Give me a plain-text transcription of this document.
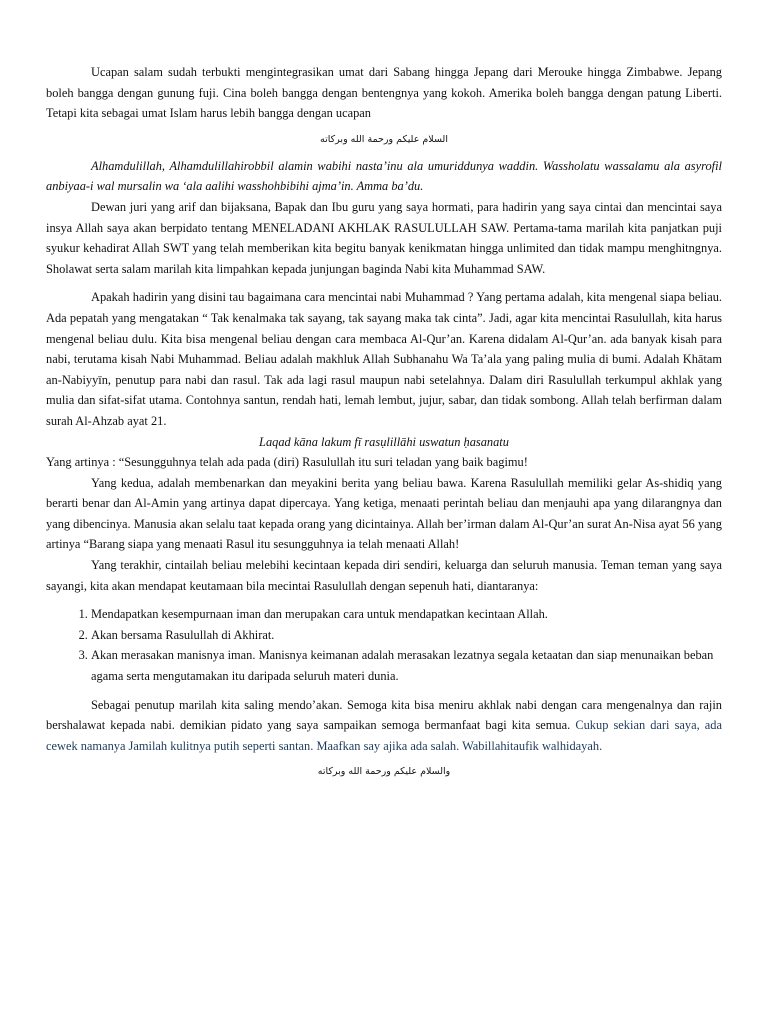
Ucapan salam sudah terbukti mengintegrasikan umat dari Sabang hingga Jepang dari Merouke hingga Zimbabwe. Jepang boleh bangga dengan gunung fuji. Cina boleh bangga dengan bentengnya yang kokoh. Amerika boleh bangga dengan patung Liberti. Tetapi kita sebagai umat Islam harus lebih bangga dengan ucapan

السلام عليكم ورحمة الله وبركاته

Alhamdulillah, Alhamdulillahirobbil alamin wabihi nasta’inu ala umuriddunya waddin. Wassholatu wassalamu ala asyrofil anbiyaa-i wal mursalin wa ‘ala aalihi wasshohbibihi ajma’in. Amma ba’du.

Dewan juri yang arif dan bijaksana, Bapak dan Ibu guru yang saya hormati, para hadirin yang saya cintai dan mencintai saya insya Allah saya akan berpidato tentang MENELADANI AKHLAK RASULULLAH SAW. Pertama-tama marilah kita panjatkan puji syukur kehadirat Allah SWT yang telah memberikan kita begitu banyak kenikmatan hingga unlimited dan tidak mampu menghitngnya. Sholawat serta salam marilah kita limpahkan kepada junjungan baginda Nabi kita Muhammad SAW.

Apakah hadirin yang disini tau bagaimana cara mencintai nabi Muhammad ? Yang pertama adalah, kita mengenal siapa beliau. Ada pepatah yang mengatakan “ Tak kenalmaka tak sayang, tak sayang maka tak cinta”. Jadi, agar kita mencintai Rasulullah, kita harus mengenal beliau dulu. Kita bisa mengenal beliau dengan cara membaca Al-Qur’an. Karena didalam Al-Qur’an. ada banyak kisah para nabi, terutama kisah Nabi Muhammad. Beliau adalah makhluk Allah Subhanahu Wa Ta’ala yang paling mulia di bumi. Adalah Khātam an-Nabiyyīn, penutup para nabi dan rasul. Tak ada lagi rasul maupun nabi setelahnya. Dalam diri Rasulullah terkumpul akhlak yang mulia dan sifat-sifat utama. Contohnya santun, rendah hati, lemah lembut, jujur, sabar, dan tidak sombong. Allah telah berfirman dalam surah Al-Ahzab ayat 21.

Laqad kāna lakum fī rasụlillāhi uswatun ḥasanatu

Yang artinya : “Sesungguhnya telah ada pada (diri) Rasulullah itu suri teladan yang baik bagimu!

Yang kedua, adalah membenarkan dan meyakini berita yang beliau bawa. Karena Rasulullah memiliki gelar As-shidiq yang berarti benar dan Al-Amin yang artinya dapat dipercaya. Yang ketiga, menaati perintah beliau dan menjauhi apa yang dilarangnya dan yang dibencinya. Manusia akan selalu taat kepada orang yang dicintainya. Allah ber’irman dalam Al-Qur’an surat An-Nisa ayat 56 yang artinya “Barang siapa yang menaati Rasul itu sesungguhnya ia telah menaati Allah!

Yang terakhir, cintailah beliau melebihi kecintaan kepada diri sendiri, keluarga dan seluruh manusia. Teman teman yang saya sayangi, kita akan mendapat keutamaan bila mecintai Rasulullah dengan sepenuh hati, diantaranya:

1. Mendapatkan kesempurnaan iman dan merupakan cara untuk mendapatkan kecintaan Allah.
2. Akan bersama Rasulullah di Akhirat.
3. Akan merasakan manisnya iman. Manisnya keimanan adalah merasakan lezatnya segala ketaatan dan siap menunaikan beban agama serta mengutamakan itu daripada seluruh materi dunia.

Sebagai penutup marilah kita saling mendo’akan. Semoga kita bisa meniru akhlak nabi dengan cara mengenalnya dan rajin bershalawat kepada nabi. demikian pidato yang saya sampaikan semoga bermanfaat bagi kita semua. Cukup sekian dari saya, ada cewek namanya Jamilah kulitnya putih seperti santan. Maafkan say ajika ada salah. Wabillahitaufik walhidayah.

والسلام عليكم ورحمة الله وبركاته
